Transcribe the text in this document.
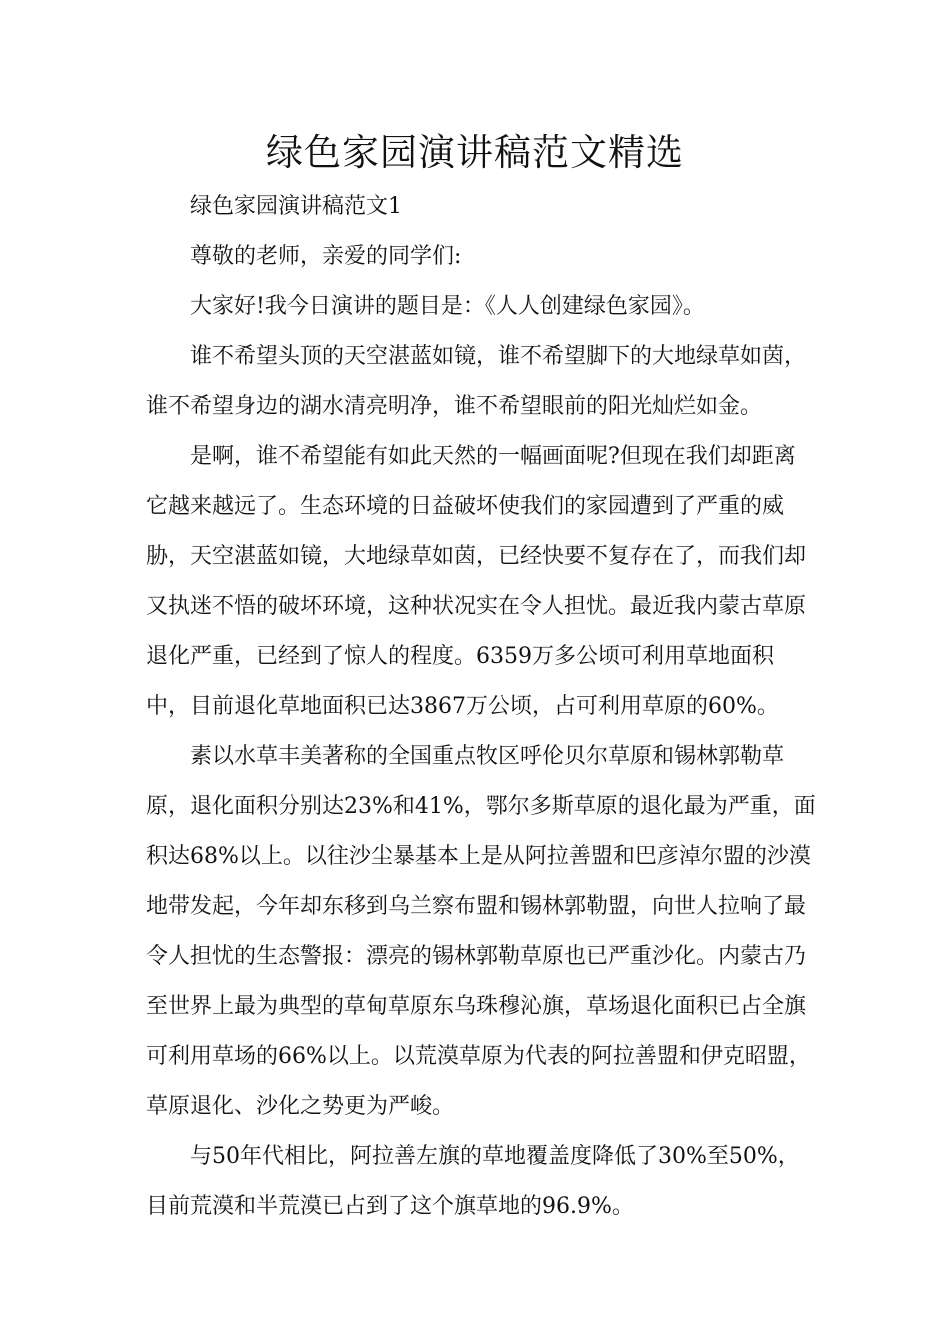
绿色家园演讲稿范文精选

绿色家园演讲稿范文1

尊敬的老师，亲爱的同学们:

大家好!我今日演讲的题目是：《人人创建绿色家园》。

谁不希望头顶的天空湛蓝如镜，谁不希望脚下的大地绿草如茵，谁不希望身边的湖水清亮明净，谁不希望眼前的阳光灿烂如金。

是啊，谁不希望能有如此天然的一幅画面呢?但现在我们却距离它越来越远了。生态环境的日益破坏使我们的家园遭到了严重的威胁，天空湛蓝如镜，大地绿草如茵，已经快要不复存在了，而我们却又执迷不悟的破坏环境，这种状况实在令人担忧。最近我内蒙古草原退化严重，已经到了惊人的程度。6359万多公顷可利用草地面积中，目前退化草地面积已达3867万公顷，占可利用草原的60%。

素以水草丰美著称的全国重点牧区呼伦贝尔草原和锡林郭勒草原，退化面积分别达23%和41%，鄂尔多斯草原的退化最为严重，面积达68%以上。以往沙尘暴基本上是从阿拉善盟和巴彦淖尔盟的沙漠地带发起，今年却东移到乌兰察布盟和锡林郭勒盟，向世人拉响了最令人担忧的生态警报：漂亮的锡林郭勒草原也已严重沙化。内蒙古乃至世界上最为典型的草甸草原东乌珠穆沁旗，草场退化面积已占全旗可利用草场的66%以上。以荒漠草原为代表的阿拉善盟和伊克昭盟，草原退化、沙化之势更为严峻。

与50年代相比，阿拉善左旗的草地覆盖度降低了30%至50%，目前荒漠和半荒漠已占到了这个旗草地的96.9%。
